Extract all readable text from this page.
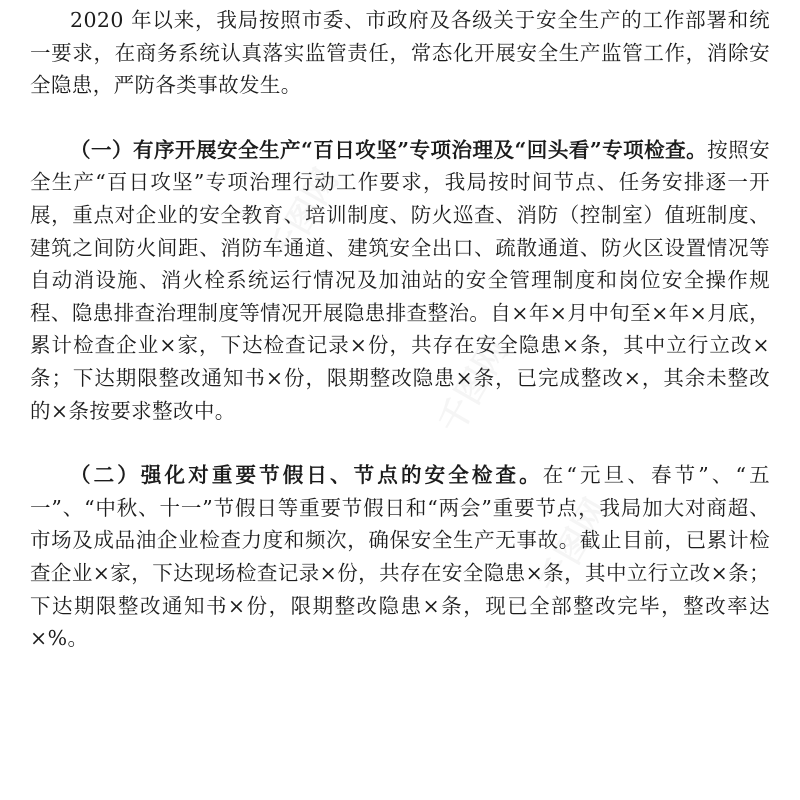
2020 年以来，我局按照市委、市政府及各级关于安全生产的工作部署和统一要求，在商务系统认真落实监管责任，常态化开展安全生产监管工作，消除安全隐患，严防各类事故发生。

（一）有序开展安全生产“百日攻坚”专项治理及“回头看”专项检查。按照安全生产“百日攻坚”专项治理行动工作要求，我局按时间节点、任务安排逐一开展，重点对企业的安全教育、培训制度、防火巡查、消防（控制室）值班制度、建筑之间防火间距、消防车通道、建筑安全出口、疏散通道、防火区设置情况等自动消设施、消火栓系统运行情况及加油站的安全管理制度和岗位安全操作规程、隐患排查治理制度等情况开展隐患排查整治。自×年×月中旬至×年×月底，累计检查企业×家，下达检查记录×份，共存在安全隐患×条，其中立行立改×条；下达期限整改通知书×份，限期整改隐患×条，已完成整改×，其余未整改的×条按要求整改中。

（二）强化对重要节假日、节点的安全检查。在“元旦、春节”、“五一”、“中秋、十一”节假日等重要节假日和“两会”重要节点，我局加大对商超、市场及成品油企业检查力度和频次，确保安全生产无事故。截止目前，已累计检查企业×家，下达现场检查记录×份，共存在安全隐患×条，其中立行立改×条；下达期限整改通知书×份，限期整改隐患×条，现已全部整改完毕，整改率达×%。

千图网
千图网
千图网
